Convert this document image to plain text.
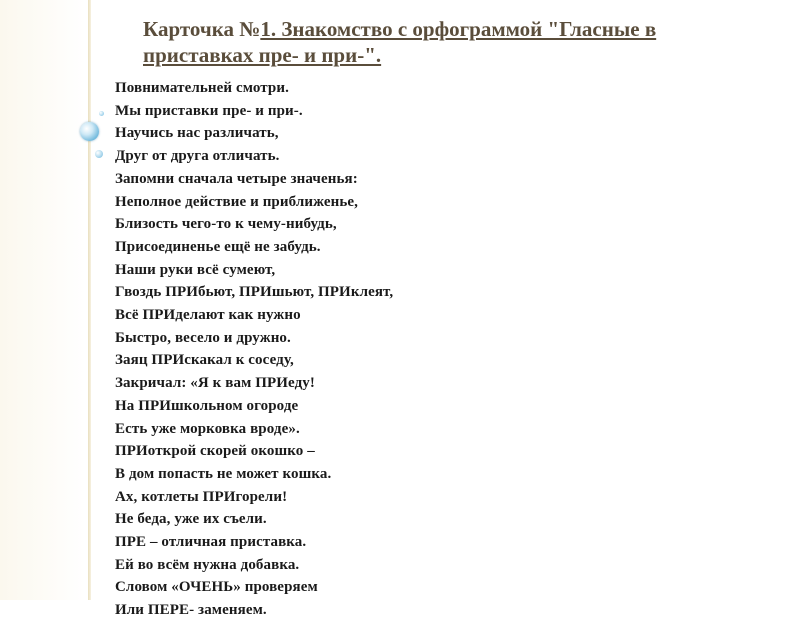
Карточка №1. Знакомство с орфограммой "Гласные в приставках пре- и при-".
Повнимательней смотри.
Мы приставки пре- и при-.
Научись нас различать,
Друг от друга отличать.
Запомни сначала четыре значенья:
Неполное действие и приближенье,
Близость чего-то к чему-нибудь,
Присоединенье ещё не забудь.
Наши руки всё сумеют,
Гвоздь ПРИбьют, ПРИшьют, ПРИклеят,
Всё ПРИделают как нужно
Быстро, весело и дружно.
Заяц ПРИскакал к соседу,
Закричал: «Я к вам ПРИеду!
На ПРИшкольном огороде
Есть уже морковка вроде».
ПРИоткрой скорей окошко –
В дом попасть не может кошка.
Ах, котлеты ПРИгорели!
Не беда, уже их съели.
ПРЕ – отличная приставка.
Ей во всём нужна добавка.
Словом «ОЧЕНЬ» проверяем
Или ПЕРЕ- заменяем.
